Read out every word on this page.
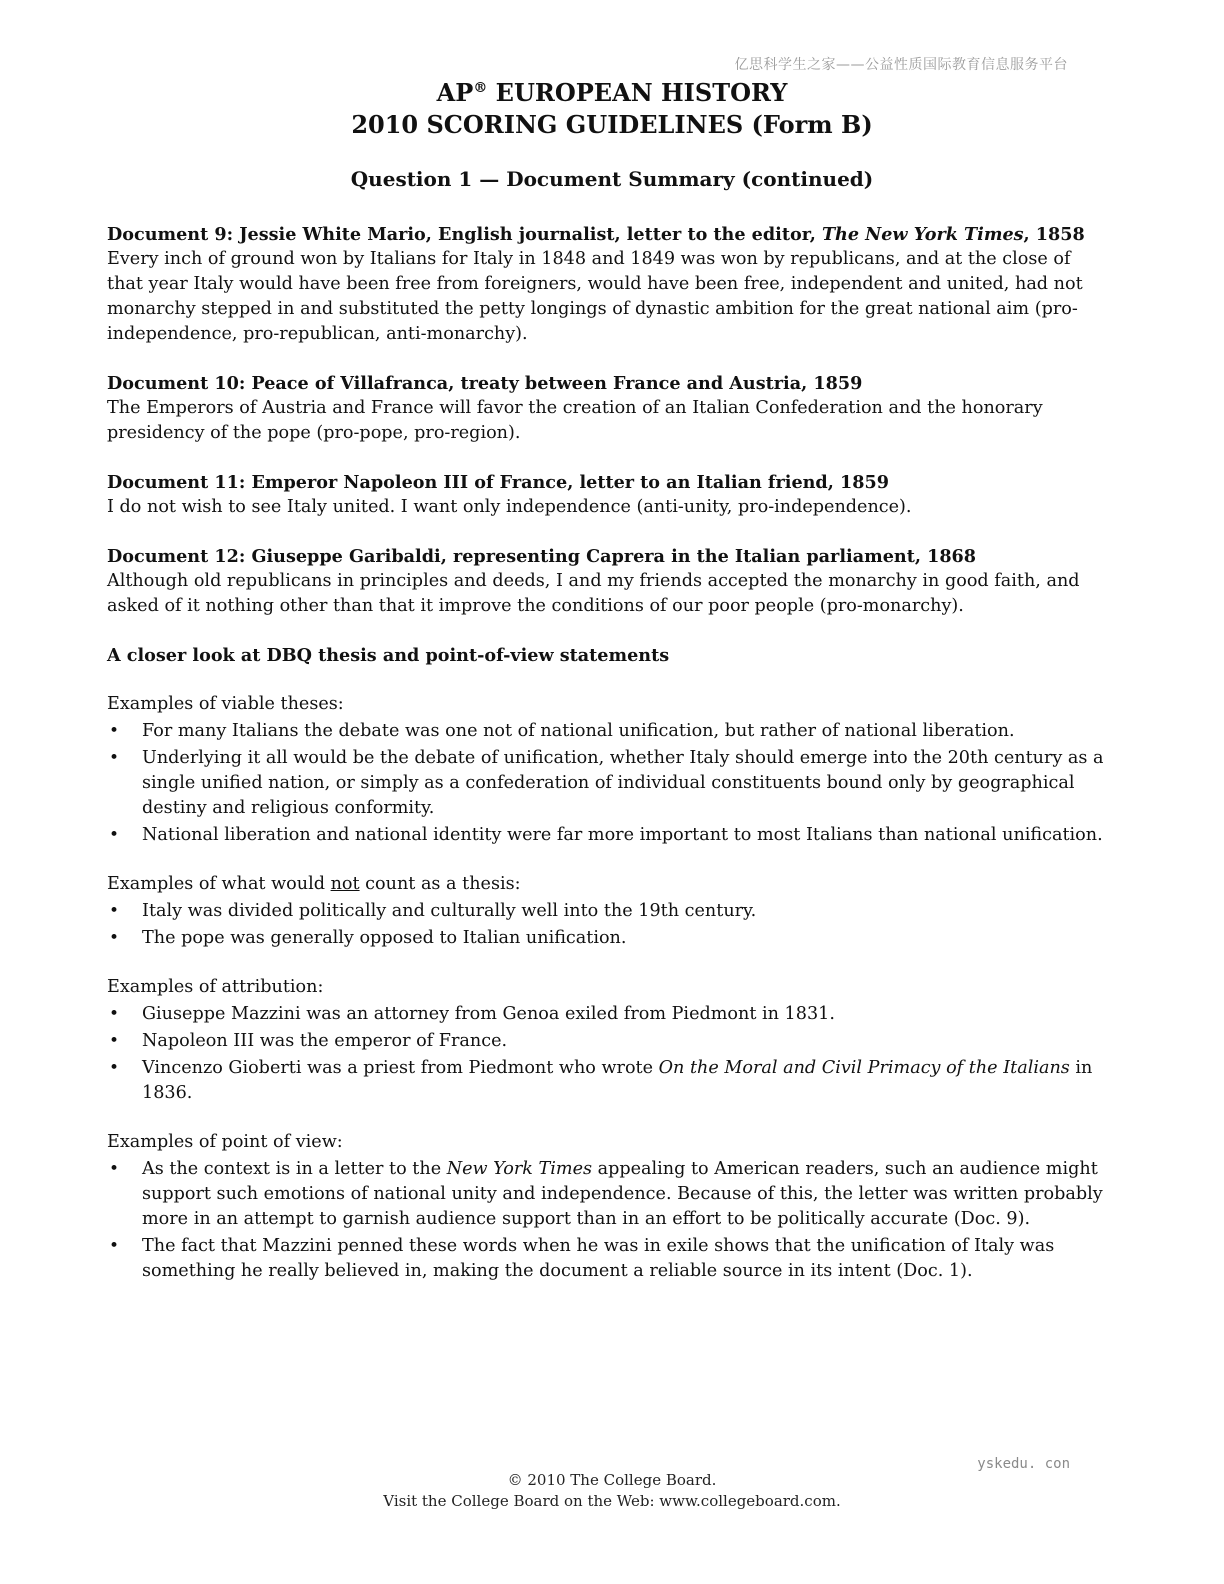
亿思科学生之家——公益性质国际教育信息服务平台
AP® EUROPEAN HISTORY
2010 SCORING GUIDELINES (Form B)
Question 1 — Document Summary (continued)
Document 9: Jessie White Mario, English journalist, letter to the editor, The New York Times, 1858
Every inch of ground won by Italians for Italy in 1848 and 1849 was won by republicans, and at the close of that year Italy would have been free from foreigners, would have been free, independent and united, had not monarchy stepped in and substituted the petty longings of dynastic ambition for the great national aim (pro-independence, pro-republican, anti-monarchy).
Document 10: Peace of Villafranca, treaty between France and Austria, 1859
The Emperors of Austria and France will favor the creation of an Italian Confederation and the honorary presidency of the pope (pro-pope, pro-region).
Document 11: Emperor Napoleon III of France, letter to an Italian friend, 1859
I do not wish to see Italy united. I want only independence (anti-unity, pro-independence).
Document 12: Giuseppe Garibaldi, representing Caprera in the Italian parliament, 1868
Although old republicans in principles and deeds, I and my friends accepted the monarchy in good faith, and asked of it nothing other than that it improve the conditions of our poor people (pro-monarchy).
A closer look at DBQ thesis and point-of-view statements
Examples of viable theses:
• For many Italians the debate was one not of national unification, but rather of national liberation.
• Underlying it all would be the debate of unification, whether Italy should emerge into the 20th century as a single unified nation, or simply as a confederation of individual constituents bound only by geographical destiny and religious conformity.
• National liberation and national identity were far more important to most Italians than national unification.
Examples of what would not count as a thesis:
• Italy was divided politically and culturally well into the 19th century.
• The pope was generally opposed to Italian unification.
Examples of attribution:
• Giuseppe Mazzini was an attorney from Genoa exiled from Piedmont in 1831.
• Napoleon III was the emperor of France.
• Vincenzo Gioberti was a priest from Piedmont who wrote On the Moral and Civil Primacy of the Italians in 1836.
Examples of point of view:
• As the context is in a letter to the New York Times appealing to American readers, such an audience might support such emotions of national unity and independence. Because of this, the letter was written probably more in an attempt to garnish audience support than in an effort to be politically accurate (Doc. 9).
• The fact that Mazzini penned these words when he was in exile shows that the unification of Italy was something he really believed in, making the document a reliable source in its intent (Doc. 1).
yskedu. con
© 2010 The College Board.
Visit the College Board on the Web: www.collegeboard.com.
